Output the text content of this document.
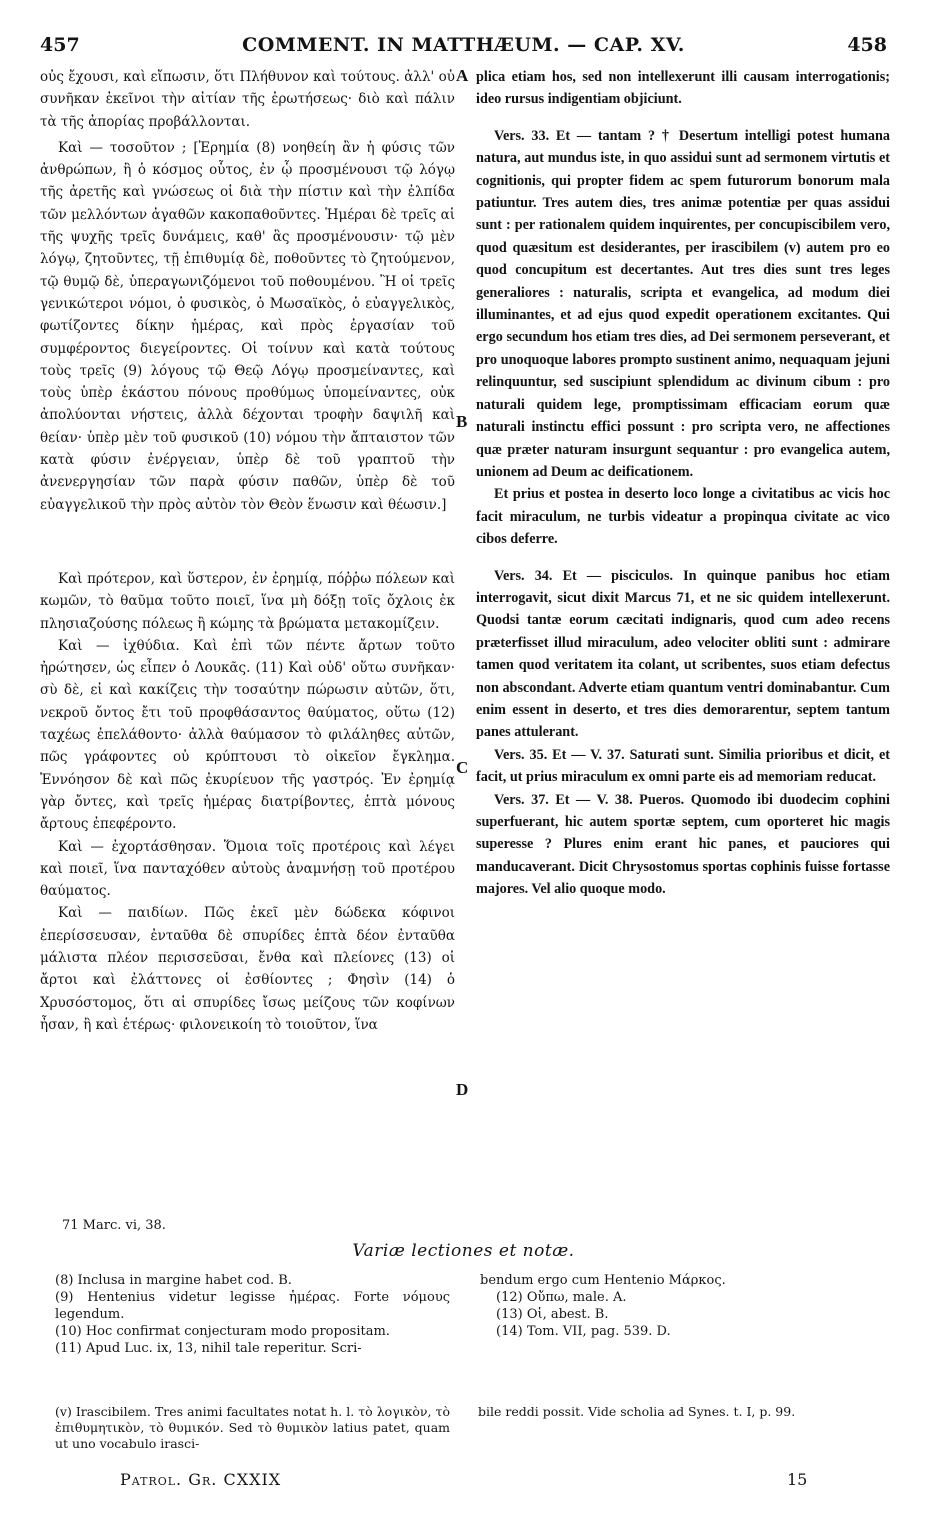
457	COMMENT. IN MATTHÆUM. — CAP. XV.	458

οὐς ἔχουσι, καὶ εἴπωσιν, ὅτι Πλήθυνον καὶ τούτους. ἀλλ' οὐ συνῆκαν ἐκεῖνοι τὴν αἰτίαν τῆς ἐρωτήσεως· διὸ καὶ πάλιν τὰ τῆς ἀπορίας προβάλλονται.

Καὶ — τοσοῦτον ; [Ἐρημία (8) νοηθείη ἂν ἡ φύσις τῶν ἀνθρώπων, ἢ ὁ κόσμος οὗτος, ἐν ᾧ προσμένουσι τῷ λόγῳ τῆς ἀρετῆς καὶ γνώσεως οἱ διὰ τὴν πίστιν καὶ τὴν ἐλπίδα τῶν μελλόντων ἀγαθῶν κακοπαθοῦντες. Ἡμέραι δὲ τρεῖς αἱ τῆς ψυχῆς τρεῖς δυνάμεις, καθ' ἃς προσμένουσιν· τῷ μὲν λόγῳ, ζητοῦντες, τῇ ἐπιθυμίᾳ δὲ, ποθοῦντες τὸ ζητούμενον, τῷ θυμῷ δὲ, ὑπεραγωνιζόμενοι τοῦ ποθουμένου. Ἢ οἱ τρεῖς γενικώτεροι νόμοι, ὁ φυσικὸς, ὁ Μωσαϊκὸς, ὁ εὐαγγελικὸς, φωτίζοντες δίκην ἡμέρας, καὶ πρὸς ἐργασίαν τοῦ συμφέροντος διεγείροντες. Οἱ τοίνυν καὶ κατὰ τούτους τοὺς τρεῖς (9) λόγους τῷ Θεῷ Λόγῳ προσμείναντες, καὶ τοὺς ὑπὲρ ἑκάστου πόνους προθύμως ὑπομείναντες, οὐκ ἀπολύονται νήστεις, ἀλλὰ δέχονται τροφὴν δαψιλῆ καὶ θείαν· ὑπὲρ μὲν τοῦ φυσικοῦ (10) νόμου τὴν ἄπταιστον τῶν κατὰ φύσιν ἐνέργειαν, ὑπὲρ δὲ τοῦ γραπτοῦ τὴν ἀνενεργησίαν τῶν παρὰ φύσιν παθῶν, ὑπὲρ δὲ τοῦ εὐαγγελικοῦ τὴν πρὸς αὐτὸν τὸν Θεὸν ἕνωσιν καὶ θέωσιν.]

Καὶ πρότερον, καὶ ὕστερον, ἐν ἐρημίᾳ, πόῤῥω πόλεων καὶ κωμῶν, τὸ θαῦμα τοῦτο ποιεῖ, ἵνα μὴ δόξῃ τοῖς ὄχλοις ἐκ πλησιαζούσης πόλεως ἢ κώμης τὰ βρώματα μετακομίζειν.

Καὶ — ἰχθύδια. Καὶ ἐπὶ τῶν πέντε ἄρτων τοῦτο ἠρώτησεν, ὡς εἶπεν ὁ Λουκᾶς. (11) Καὶ οὐδ' οὕτω συνῆκαν· σὺ δὲ, εἰ καὶ κακίζεις τὴν τοσαύτην πώρωσιν αὐτῶν, ὅτι, νεκροῦ ὄντος ἔτι τοῦ προφθάσαντος θαύματος, οὕτω (12) ταχέως ἐπελάθοντο· ἀλλὰ θαύμασον τὸ φιλάληθες αὐτῶν, πῶς γράφοντες οὐ κρύπτουσι τὸ οἰκεῖον ἔγκλημα. Ἐννόησον δὲ καὶ πῶς ἐκυρίευον τῆς γαστρός. Ἐν ἐρημίᾳ γὰρ ὄντες, καὶ τρεῖς ἡμέρας διατρίβοντες, ἑπτὰ μόνους ἄρτους ἐπεφέροντο.

Καὶ — ἐχορτάσθησαν. Ὅμοια τοῖς προτέροις καὶ λέγει καὶ ποιεῖ, ἵνα πανταχόθεν αὐτοὺς ἀναμνήσῃ τοῦ προτέρου θαύματος.

Καὶ — παιδίων. Πῶς ἐκεῖ μὲν δώδεκα κόφινοι ἐπερίσσευσαν, ἐνταῦθα δὲ σπυρίδες ἑπτὰ δέον ἐνταῦθα μάλιστα πλέον περισσεῦσαι, ἔνθα καὶ πλείονες (13) οἱ ἄρτοι καὶ ἐλάττονες οἱ ἐσθίοντες ; Φησὶν (14) ὁ Χρυσόστομος, ὅτι αἱ σπυρίδες ἴσως μείζους τῶν κοφίνων ἦσαν, ἢ καὶ ἑτέρως· φιλονεικοίη τὸ τοιοῦτον, ἵνα

plica etiam hos, sed non intellexerunt illi causam interrogationis; ideo rursus indigentiam objiciunt.

Vers. 33. Et — tantam ? † Desertum intelligi potest humana natura, aut mundus iste, in quo assidui sunt ad sermonem virtutis et cognitionis, qui propter fidem ac spem futurorum bonorum mala patiuntur. Tres autem dies, tres animæ potentiæ per quas assidui sunt : per rationalem quidem inquirentes, per concupiscibilem vero, quod quæsitum est desiderantes, per irascibilem (v) autem pro eo quod concupitum est decertantes. Aut tres dies sunt tres leges generaliores : naturalis, scripta et evangelica, ad modum diei illuminantes, et ad ejus quod expedit operationem excitantes. Qui ergo secundum hos etiam tres dies, ad Dei sermonem perseverant, et pro unoquoque labores prompto sustinent animo, nequaquam jejuni relinquuntur, sed suscipiunt splendidum ac divinum cibum : pro naturali quidem lege, promptissimam efficaciam eorum quæ naturali instinctu effici possunt : pro scripta vero, ne affectiones quæ præter naturam insurgunt sequantur : pro evangelica autem, unionem ad Deum ac deificationem.

Et prius et postea in deserto loco longe a civitatibus ac vicis hoc facit miraculum, ne turbis videatur a propinqua civitate ac vico cibos deferre.

Vers. 34. Et — pisciculos. In quinque panibus hoc etiam interrogavit, sicut dixit Marcus 71, et ne sic quidem intellexerunt. Quodsi tantæ eorum cæcitati indignaris, quod cum adeo recens præterfisset illud miraculum, adeo velociter obliti sunt : admirare tamen quod veritatem ita colant, ut scribentes, suos etiam defectus non abscondant. Adverte etiam quantum ventri dominabantur. Cum enim essent in deserto, et tres dies demorarentur, septem tantum panes attulerant.

Vers. 35. Et — V. 37. Saturati sunt. Similia prioribus et dicit, et facit, ut prius miraculum ex omni parte eis ad memoriam reducat.

Vers. 37. Et — V. 38. Pueros. Quomodo ibi duodecim cophini superfuerant, hic autem sportæ septem, cum oporteret hic magis superesse ? Plures enim erant hic panes, et pauciores qui manducaverant. Dicit Chrysostomus sportas cophinis fuisse fortasse majores. Vel alio quoque modo.

A
B
C
D
71 Marc. vi, 38.
Variæ lectiones et notæ.

(8) Inclusa in margine habet cod. B.

(9) Hentenius videtur legisse ἡμέρας. Forte νόμους legendum.

(10) Hoc confirmat conjecturam modo propositam.

(11) Apud Luc. ix, 13, nihil tale reperitur. Scri-

bendum ergo cum Hentenio Μάρκος.

(12) Οὔπω, male. A.

(13) Οἱ, abest. B.

(14) Tom. VII, pag. 539. D.

(v) Irascibilem. Tres animi facultates notat h. l. τὸ λογικὸν, τὸ ἐπιθυμητικὸν, τὸ θυμικόν. Sed τὸ θυμικὸν latius patet, quam ut uno vocabulo irasci-

bile reddi possit. Vide scholia ad Synes. t. I, p. 99.

Patrol. Gr. CXXIX	15
